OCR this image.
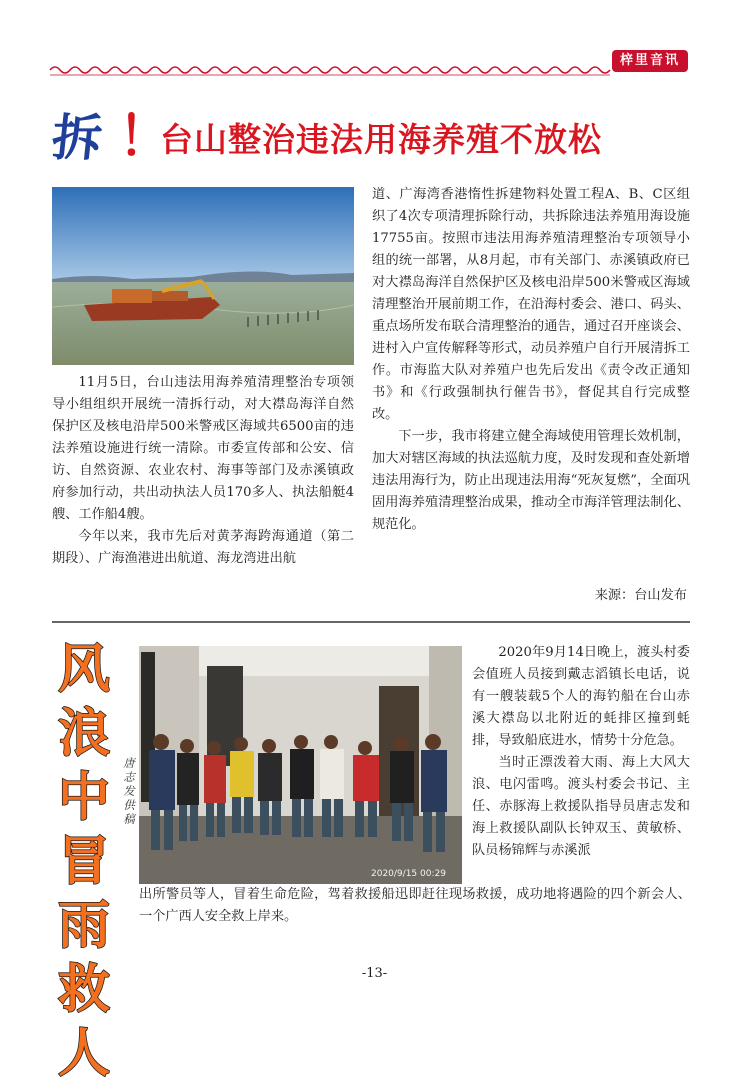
梓里音讯
拆 ！
台山整治违法用海养殖不放松

11月5日，台山违法用海养殖清理整治专项领导小组组织开展统一清拆行动，对大襟岛海洋自然保护区及核电沿岸500米警戒区海域共6500亩的违法养殖设施进行统一清除。市委宣传部和公安、信访、自然资源、农业农村、海事等部门及赤溪镇政府参加行动，共出动执法人员170多人、执法船艇4艘、工作船4艘。

今年以来，我市先后对黄茅海跨海通道（第二期段）、广海渔港进出航道、海龙湾进出航

道、广海湾香港惰性拆建物料处置工程A、B、C区组织了4次专项清理拆除行动，共拆除违法养殖用海设施17755亩。按照市违法用海养殖清理整治专项领导小组的统一部署，从8月起，市有关部门、赤溪镇政府已对大襟岛海洋自然保护区及核电沿岸500米警戒区海域清理整治开展前期工作，在沿海村委会、港口、码头、重点场所发布联合清理整治的通告，通过召开座谈会、进村入户宣传解释等形式，动员养殖户自行开展清拆工作。市海监大队对养殖户也先后发出《责令改正通知书》和《行政强制执行催告书》，督促其自行完成整改。

下一步，我市将建立健全海域使用管理长效机制，加大对辖区海域的执法巡航力度，及时发现和查处新增违法用海行为，防止出现违法用海“死灰复燃”，全面巩固用海养殖清理整治成果，推动全市海洋管理法制化、规范化。

来源：台山发布
风
浪
中
冒
雨
救
人
唐
志
发
供
稿
2020/9/15 00:29

2020年9月14日晚上，渡头村委会值班人员接到戴志滔镇长电话，说有一艘装载5个人的海钓船在台山赤溪大襟岛以北附近的蚝排区撞到蚝排，导致船底进水，情势十分危急。

当时正漂泼着大雨、海上大风大浪、电闪雷鸣。渡头村委会书记、主任、赤豚海上救援队指导员唐志发和海上救援队副队长钟双玉、黄敏桥、队员杨锦辉与赤溪派

出所警员等人，冒着生命危险，驾着救援船迅即赶往现场救援，成功地将遇险的四个新会人、一个广西人安全救上岸来。

-13-
